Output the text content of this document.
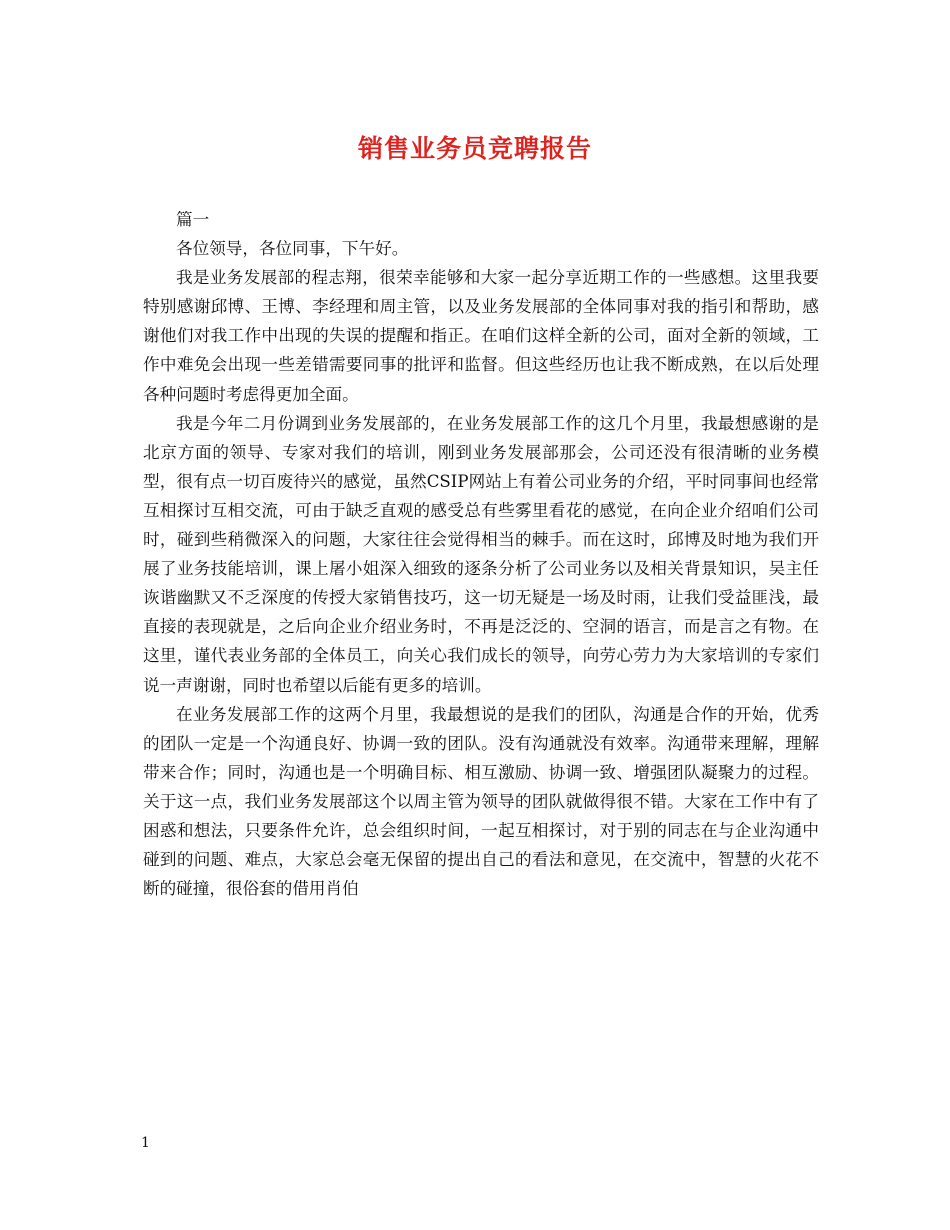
销售业务员竞聘报告

篇一

各位领导，各位同事，下午好。

我是业务发展部的程志翔，很荣幸能够和大家一起分享近期工作的一些感想。这里我要特别感谢邱博、王博、李经理和周主管，以及业务发展部的全体同事对我的指引和帮助，感谢他们对我工作中出现的失误的提醒和指正。在咱们这样全新的公司，面对全新的领域，工作中难免会出现一些差错需要同事的批评和监督。但这些经历也让我不断成熟，在以后处理各种问题时考虑得更加全面。

我是今年二月份调到业务发展部的，在业务发展部工作的这几个月里，我最想感谢的是北京方面的领导、专家对我们的培训，刚到业务发展部那会，公司还没有很清晰的业务模型，很有点一切百废待兴的感觉，虽然CSIP网站上有着公司业务的介绍，平时同事间也经常互相探讨互相交流，可由于缺乏直观的感受总有些雾里看花的感觉，在向企业介绍咱们公司时，碰到些稍微深入的问题，大家往往会觉得相当的棘手。而在这时，邱博及时地为我们开展了业务技能培训，课上屠小姐深入细致的逐条分析了公司业务以及相关背景知识，吴主任诙谐幽默又不乏深度的传授大家销售技巧，这一切无疑是一场及时雨，让我们受益匪浅，最直接的表现就是，之后向企业介绍业务时，不再是泛泛的、空洞的语言，而是言之有物。在这里，谨代表业务部的全体员工，向关心我们成长的领导，向劳心劳力为大家培训的专家们说一声谢谢，同时也希望以后能有更多的培训。

在业务发展部工作的这两个月里，我最想说的是我们的团队，沟通是合作的开始，优秀的团队一定是一个沟通良好、协调一致的团队。没有沟通就没有效率。沟通带来理解，理解带来合作；同时，沟通也是一个明确目标、相互激励、协调一致、增强团队凝聚力的过程。关于这一点，我们业务发展部这个以周主管为领导的团队就做得很不错。大家在工作中有了困惑和想法，只要条件允许，总会组织时间，一起互相探讨，对于别的同志在与企业沟通中碰到的问题、难点，大家总会毫无保留的提出自己的看法和意见，在交流中，智慧的火花不断的碰撞，很俗套的借用肖伯

1
